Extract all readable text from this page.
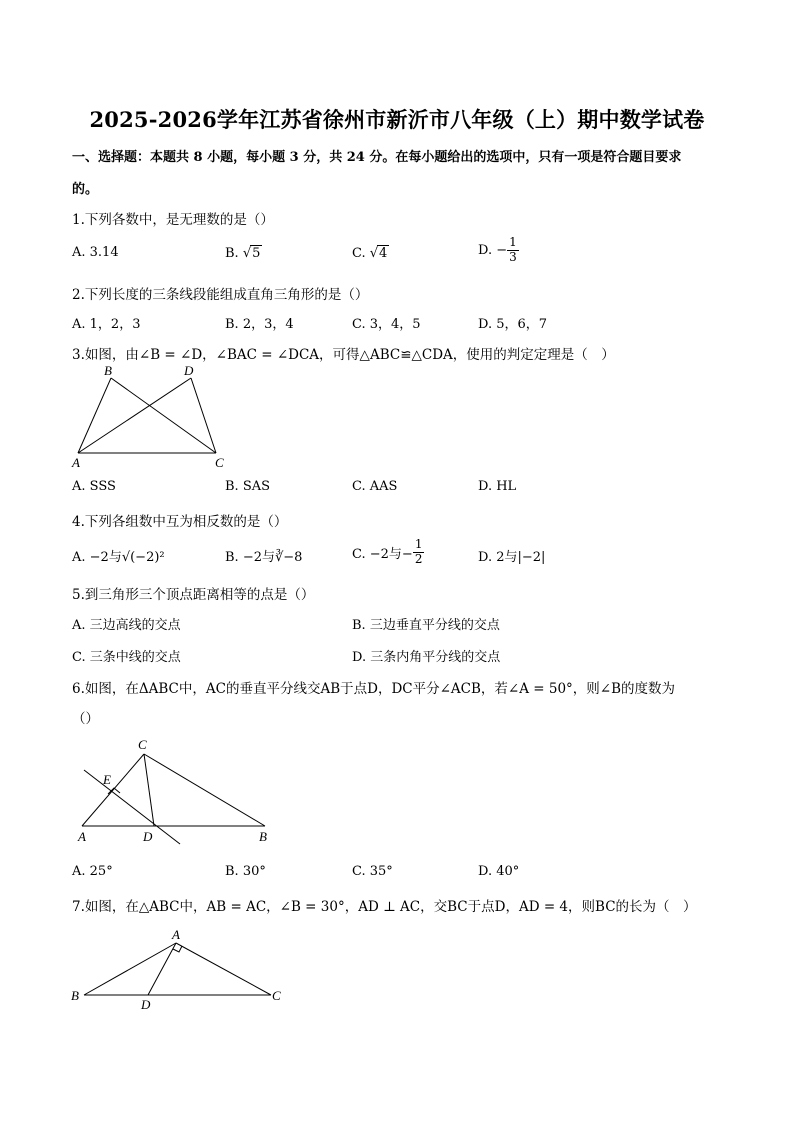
2025-2026学年江苏省徐州市新沂市八年级（上）期中数学试卷
一、选择题：本题共 8 小题，每小题 3 分，共 24 分。在每小题给出的选项中，只有一项是符合题目要求
的。
1.下列各数中，是无理数的是（）
A. 3.14	B. √5	C. √4	D. − $\frac{1}{3}$
2.下列长度的三条线段能组成直角三角形的是（）
A. 1，2，3	B. 2，3，4	C. 3，4，5	D. 5，6，7
3.如图，由∠B = ∠D，∠BAC = ∠DCA，可得△ABC≌△CDA，使用的判定定理是（　）
B	D
A	C
A. SSS	B. SAS	C. AAS	D. HL
4.下列各组数中互为相反数的是（）
A. −2与√(−2)²	B. −2与∛−8	C. −2与− $\frac{1}{2}$	D. 2与|−2|
5.到三角形三个顶点距离相等的点是（）
A. 三边高线的交点	B. 三边垂直平分线的交点
C. 三条中线的交点	D. 三条内角平分线的交点
6.如图，在ΔABC中，AC的垂直平分线交AB于点D，DC平分∠ACB，若∠A = 50°，则∠B的度数为
（）
C
E
A	D	B
A. 25°	B. 30°	C. 35°	D. 40°
7.如图，在△ABC中，AB = AC，∠B = 30°，AD ⊥ AC，交BC于点D，AD = 4，则BC的长为（　）
A
B
D
C
